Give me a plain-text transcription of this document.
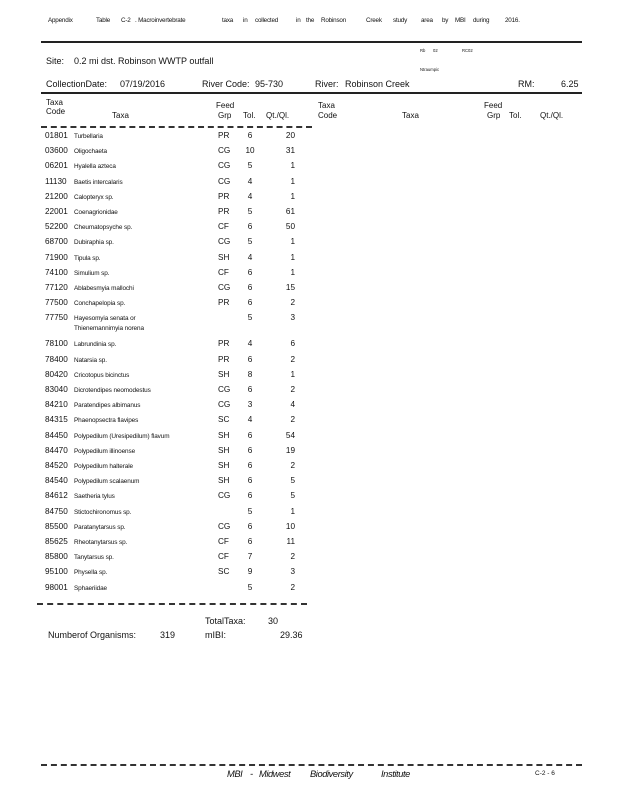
Appendix	Table C-2 . Macroinvertebrate	taxa in collected	in the Robinson	Creek study area by MBI during 2016.
Site: 0.2 mi dst. Robinson WWTP outfall
Rb 02	RC02
Ntraumpic
CollectionDate: 07/19/2016	River Code: 95-730	River: Robinson Creek	RM:	6.25
Taxa
Code	Taxa
Feed
Grp Tol. Qt./Ql.
Taxa
Code	Taxa
Feed
Grp Tol. Qt./Ql.
01801 Turbellaria	PR	6	20
03600 Oligochaeta	CG 10	31
06201 Hyalella azteca	CG	5	1
11130 Baetis intercalaris	CG	4	1
21200 Calopteryx sp.	PR	4	1
22001 Coenagrionidae	PR	5	61
52200 Cheumatopsyche sp.	CF	6	50
68700 Dubiraphia sp.	CG	5	1
71900 Tipula sp.	SH	4	1
74100 Simulium sp.	CF	6	1
77120 Ablabesmyia mallochi	CG	6	15
77500 Conchapelopia sp.	PR	6	2
77750 Hayesomyia senata or	5	3
Thienemannimyia norena
78100 Labrundinia sp.	PR	4	6
78400 Natarsia sp.	PR	6	2
80420 Cricotopus bicinctus	SH	8	1
83040 Dicrotendipes neomodestus	CG	6	2
84210 Paratendipes albimanus	CG	3	4
84315 Phaenopsectra flavipes	SC	4	2
84450 Polypedilum (Uresipedilum) flavum	SH	6	54
84470 Polypedilum illinoense	SH	6	19
84520 Polypedilum halterale	SH	6	2
84540 Polypedilum scalaenum	SH	6	5
84612 Saetheria tylus	CG	6	5
84750 Stictochironomus sp.	5	1
85500 Paratanytarsus sp.	CG	6	10
85625 Rheotanytarsus sp.	CF	6	11
85800 Tanytarsus sp.	CF	7	2
95100 Physella sp.	SC	9	3
98001 Sphaeriidae	5	2
TotalTaxa: 30
Numberof Organisms:	319	mIBI:	29.36
MBI - Midwest Biodiversity	Institute	C-2 - 6
